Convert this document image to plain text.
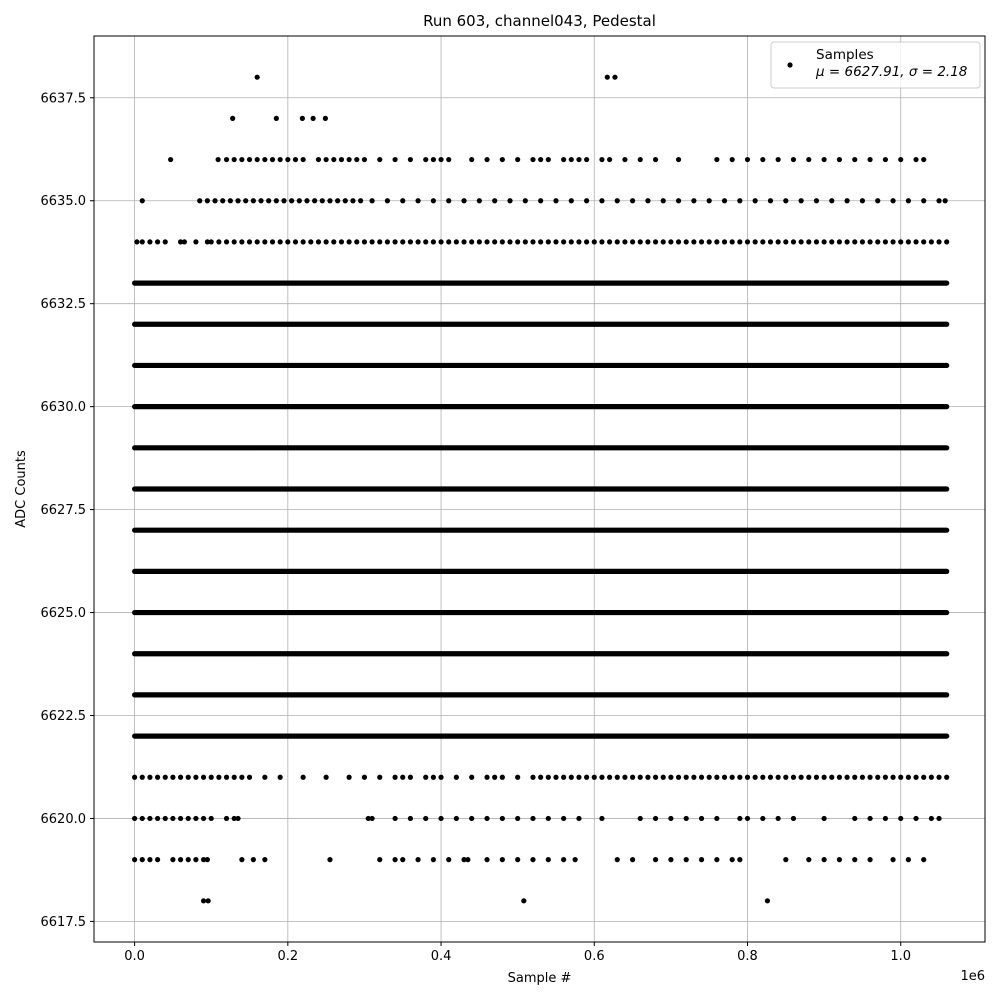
Run 603, channel043, Pedestal
0.0	0.2	0.4	0.6	0.8	1.0
6617.5
6620.0
6622.5
6625.0
6627.5
6630.0
6632.5
6635.0
6637.5
Sample #
ADC Counts
1e6
Samples
μ = 6627.91, σ = 2.18
